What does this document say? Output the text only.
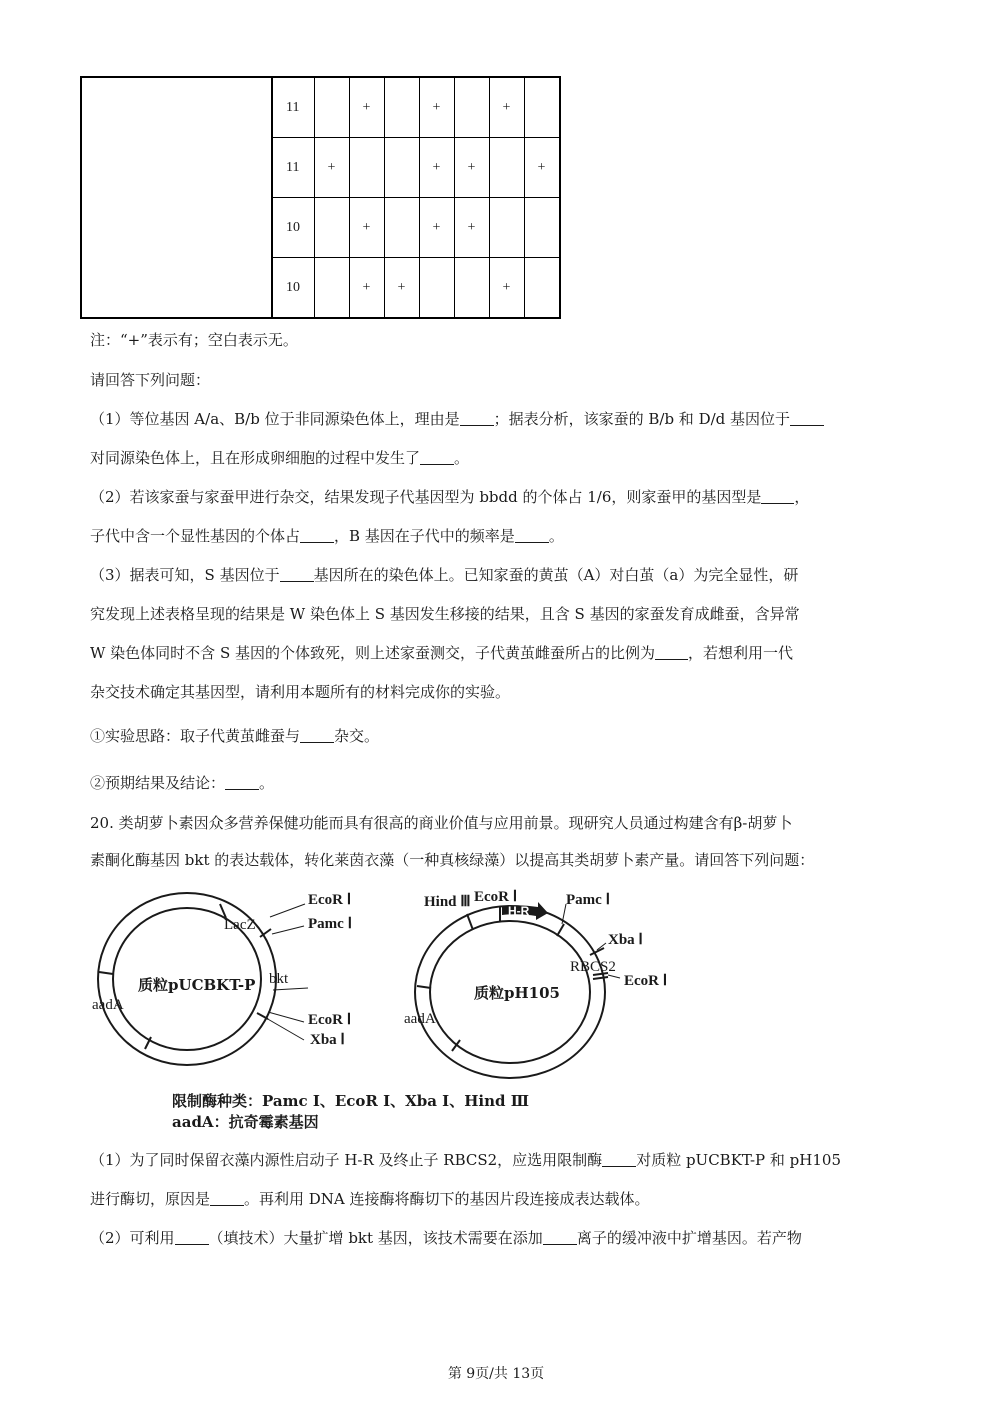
	11		+		+		+	
	11	+			+	+		+
	10		+		+	+		
	10		+	+			+	
注：“+”表示有；空白表示无。
请回答下列问题：
（1）等位基因 A/a、B/b 位于非同源染色体上，理由是 ；据表分析，该家蚕的 B/b 和 D/d 基因位于
对同源染色体上，且在形成卵细胞的过程中发生了 。
（2）若该家蚕与家蚕甲进行杂交，结果发现子代基因型为 bbdd 的个体占 1/6，则家蚕甲的基因型是 ，
子代中含一个显性基因的个体占 ，B 基因在子代中的频率是 。
（3）据表可知，S 基因位于 基因所在的染色体上。已知家蚕的黄茧（A）对白茧（a）为完全显性，研
究发现上述表格呈现的结果是 W 染色体上 S 基因发生移接的结果，且含 S 基因的家蚕发育成雌蚕，含异常
W 染色体同时不含 S 基因的个体致死，则上述家蚕测交，子代黄茧雌蚕所占的比例为 ，若想利用一代
杂交技术确定其基因型，请利用本题所有的材料完成你的实验。
①实验思路：取子代黄茧雌蚕与 杂交。
②预期结果及结论： 。
20. 类胡萝卜素因众多营养保健功能而具有很高的商业价值与应用前景。现研究人员通过构建含有β-胡萝卜
素酮化酶基因 bkt 的表达载体，转化莱茵衣藻（一种真核绿藻）以提高其类胡萝卜素产量。请回答下列问题：
EcoR Ⅰ
Pamc Ⅰ
LacZ
bkt
EcoR Ⅰ
Xba Ⅰ
aadA
质粒pUCBKT-P
H-R
Hind Ⅲ EcoR Ⅰ	Pamc Ⅰ
Xba Ⅰ
RBCS2
EcoR Ⅰ
aadA
质粒pH105
限制酶种类：Pamc Ⅰ、EcoR Ⅰ、Xba Ⅰ、Hind Ⅲ
aadA：抗奇霉素基因
（1）为了同时保留衣藻内源性启动子 H-R 及终止子 RBCS2，应选用限制酶 对质粒 pUCBKT-P 和 pH105
进行酶切，原因是 。再利用 DNA 连接酶将酶切下的基因片段连接成表达载体。
（2）可利用 （填技术）大量扩增 bkt 基因，该技术需要在添加 离子的缓冲液中扩增基因。若产物
第 9页/共 13页
